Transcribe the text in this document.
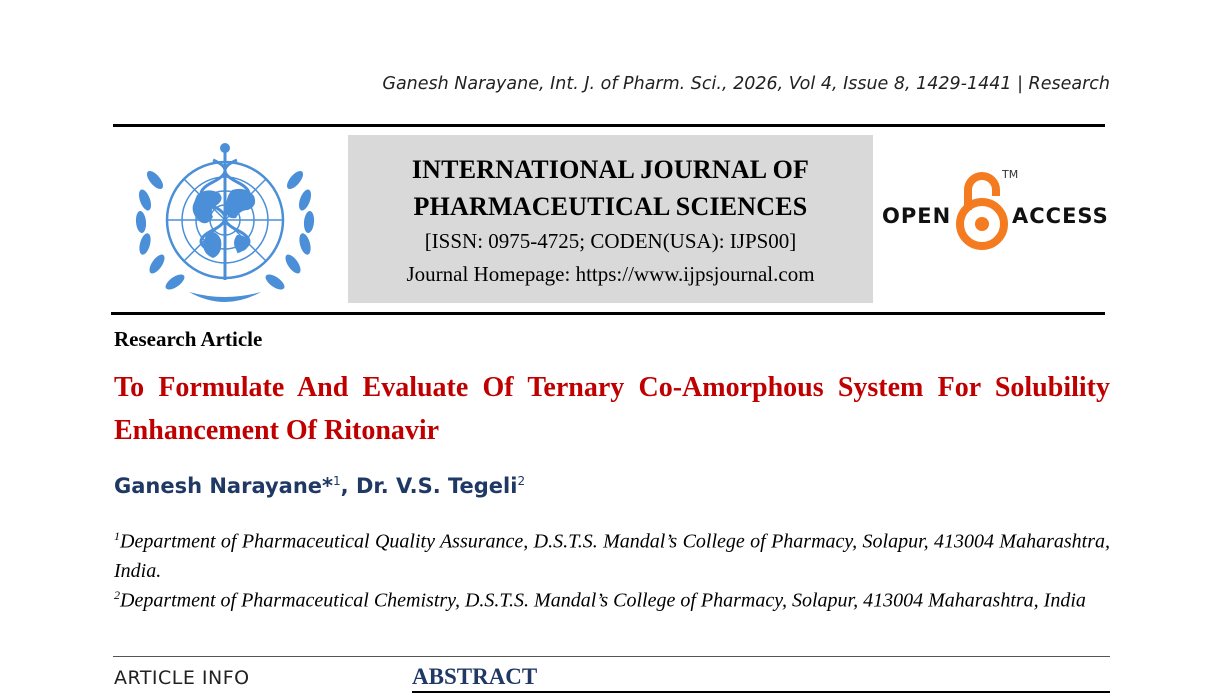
Ganesh Narayane, Int. J. of Pharm. Sci., 2026, Vol 4, Issue 8, 1429-1441 | Research
INTERNATIONAL JOURNAL OF
PHARMACEUTICAL SCIENCES
[ISSN: 0975-4725; CODEN(USA): IJPS00]
Journal Homepage: https://www.ijpsjournal.com
OPEN
TM
ACCESS
Research Article
To Formulate And Evaluate Of Ternary Co-Amorphous System For Solubility Enhancement Of Ritonavir
Ganesh Narayane*$^1$, Dr. V.S. Tegeli$^2$
$^1$Department of Pharmaceutical Quality Assurance, D.S.T.S. Mandal’s College of Pharmacy, Solapur, 413004 Maharashtra, India.
$^2$Department of Pharmaceutical Chemistry, D.S.T.S. Mandal’s College of Pharmacy, Solapur, 413004 Maharashtra, India
ARTICLE INFO	ABSTRACT
